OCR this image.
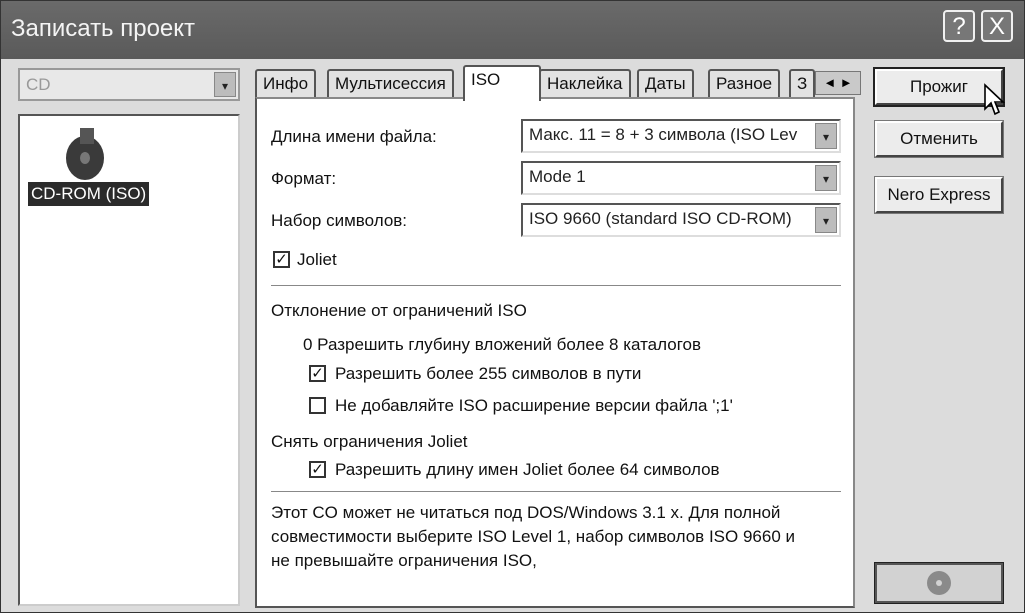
Записать проект	? X
CD	▾
CD-ROM (ISO)
Инфо	Мультисессия	ISO	Наклейка	Даты	Разное	З	◄ ►
Длина имени файла:	Макс. 11 = 8 + 3 символа (ISO Lev	▾
Формат:	Mode 1	▾
Набор символов:	ISO 9660 (standard ISO CD-ROM)	▾
✓ Joliet
Отклонение от ограничений ISO
0 Разрешить глубину вложений более 8 каталогов
✓ Разрешить более 255 символов в пути
Не добавляйте ISO расширение версии файла ';1'
Снять ограничения Joliet
✓ Разрешить длину имен Joliet более 64 символов
Этот CO может не читаться под DOS/Windows 3.1 x. Для полной
совместимости выберите ISO Level 1, набор символов ISO 9660 и
не превышайте ограничения ISO,
Прожиг
Отменить
Nero Express
